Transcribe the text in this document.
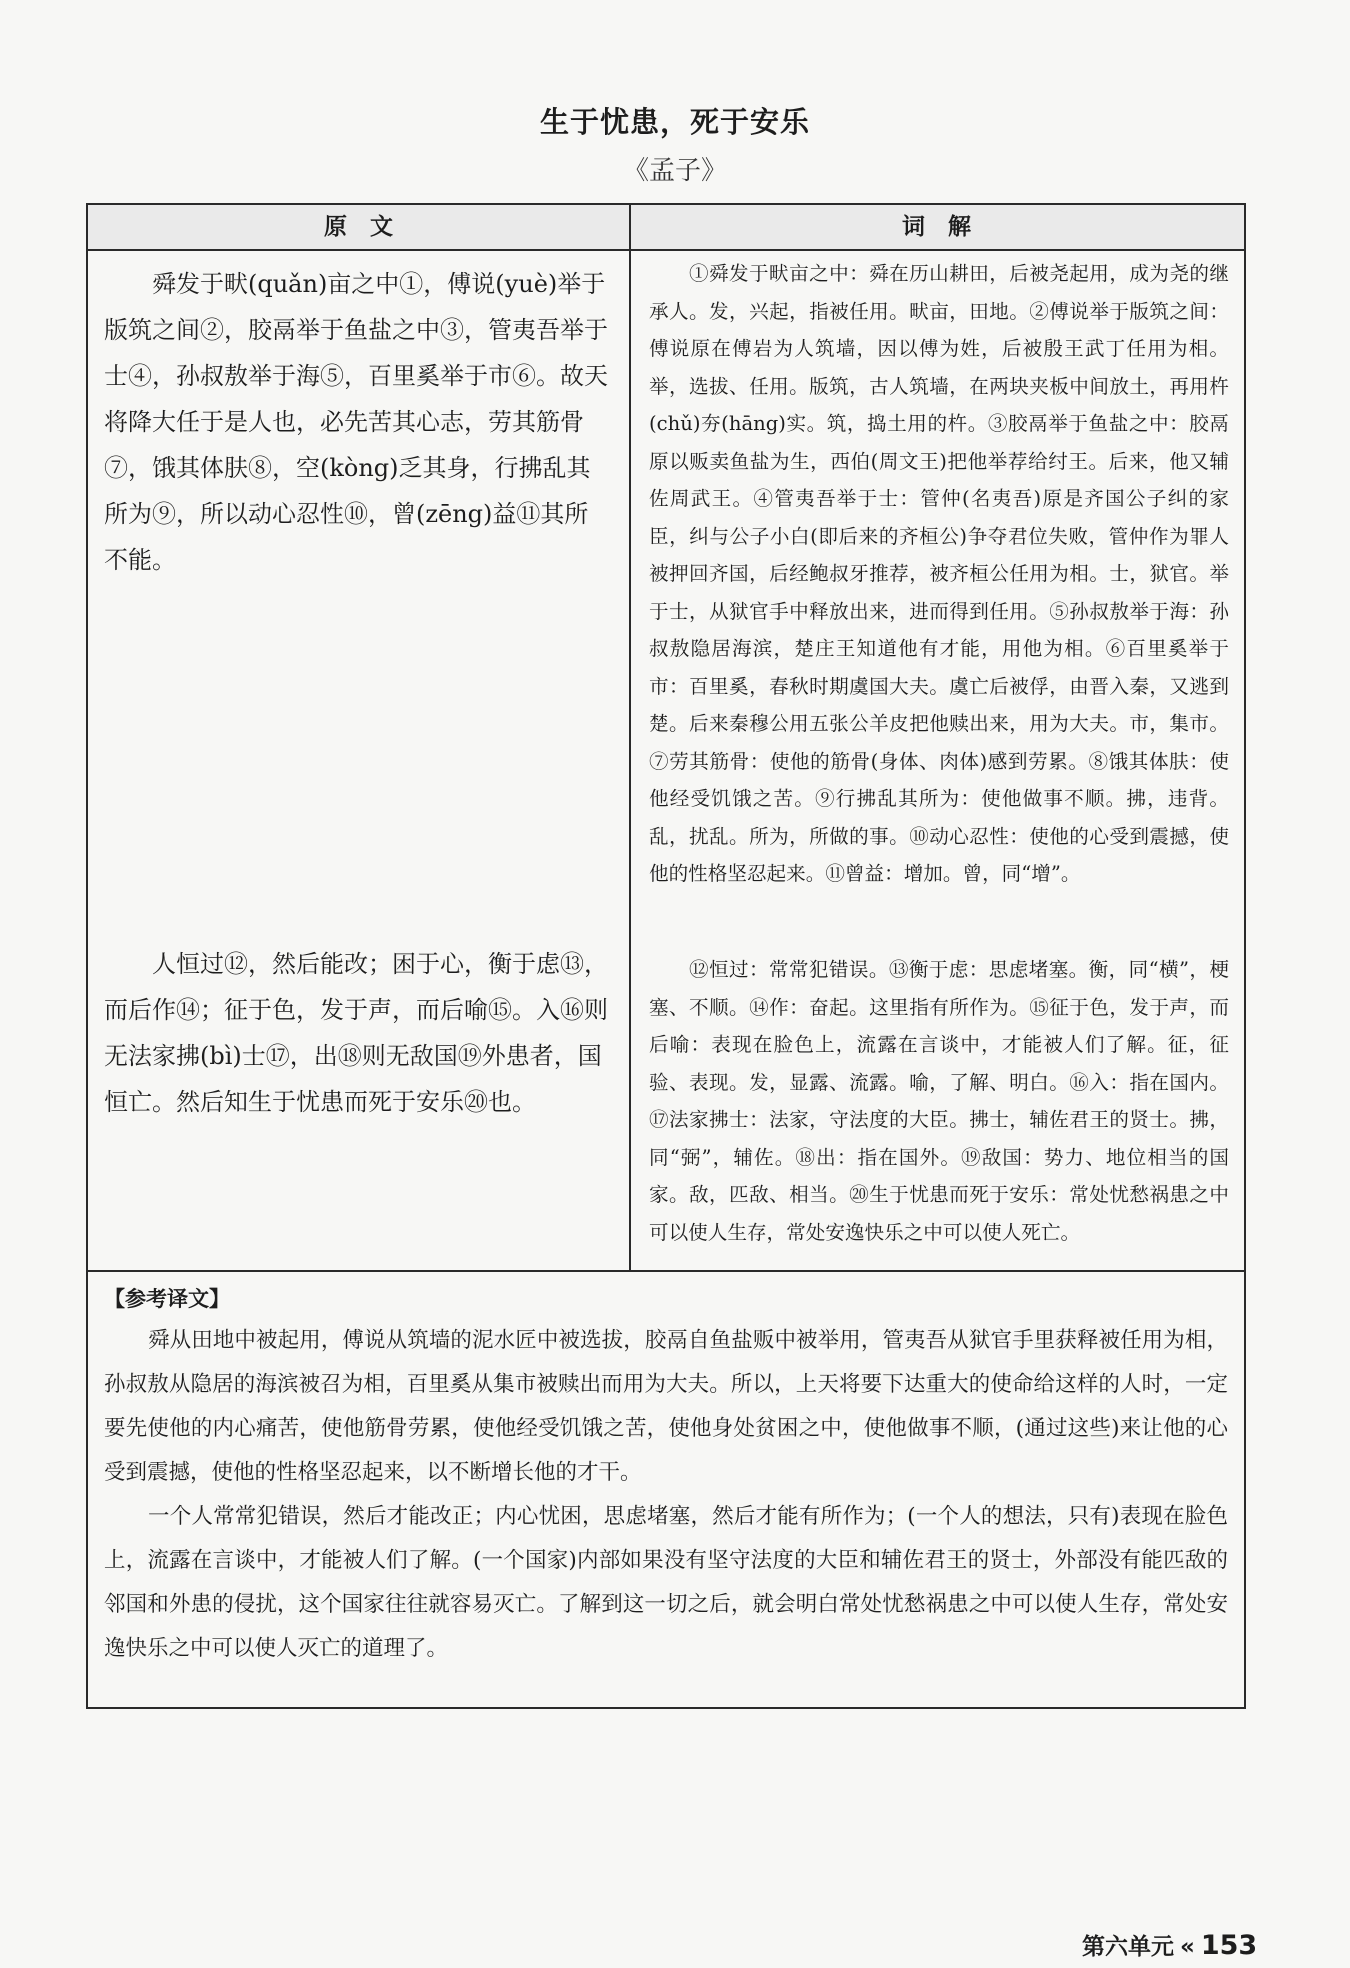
生于忧患，死于安乐
《孟子》
原　文	词　解

舜发于畎(quǎn)亩之中①，傅说(yuè)举于版筑之间②，胶鬲举于鱼盐之中③，管夷吾举于士④，孙叔敖举于海⑤，百里奚举于市⑥。故天将降大任于是人也，必先苦其心志，劳其筋骨⑦，饿其体肤⑧，空(kòng)乏其身，行拂乱其所为⑨，所以动心忍性⑩，曾(zēng)益⑪其所不能。

人恒过⑫，然后能改；困于心，衡于虑⑬，而后作⑭；征于色，发于声，而后喻⑮。入⑯则无法家拂(bì)士⑰，出⑱则无敌国⑲外患者，国恒亡。然后知生于忧患而死于安乐⑳也。

①舜发于畎亩之中：舜在历山耕田，后被尧起用，成为尧的继承人。发，兴起，指被任用。畎亩，田地。②傅说举于版筑之间：傅说原在傅岩为人筑墙，因以傅为姓，后被殷王武丁任用为相。举，选拔、任用。版筑，古人筑墙，在两块夹板中间放土，再用杵(chǔ)夯(hāng)实。筑，捣土用的杵。③胶鬲举于鱼盐之中：胶鬲原以贩卖鱼盐为生，西伯(周文王)把他举荐给纣王。后来，他又辅佐周武王。④管夷吾举于士：管仲(名夷吾)原是齐国公子纠的家臣，纠与公子小白(即后来的齐桓公)争夺君位失败，管仲作为罪人被押回齐国，后经鲍叔牙推荐，被齐桓公任用为相。士，狱官。举于士，从狱官手中释放出来，进而得到任用。⑤孙叔敖举于海：孙叔敖隐居海滨，楚庄王知道他有才能，用他为相。⑥百里奚举于市：百里奚，春秋时期虞国大夫。虞亡后被俘，由晋入秦，又逃到楚。后来秦穆公用五张公羊皮把他赎出来，用为大夫。市，集市。⑦劳其筋骨：使他的筋骨(身体、肉体)感到劳累。⑧饿其体肤：使他经受饥饿之苦。⑨行拂乱其所为：使他做事不顺。拂，违背。乱，扰乱。所为，所做的事。⑩动心忍性：使他的心受到震撼，使他的性格坚忍起来。⑪曾益：增加。曾，同“增”。

⑫恒过：常常犯错误。⑬衡于虑：思虑堵塞。衡，同“横”，梗塞、不顺。⑭作：奋起。这里指有所作为。⑮征于色，发于声，而后喻：表现在脸色上，流露在言谈中，才能被人们了解。征，征验、表现。发，显露、流露。喻，了解、明白。⑯入：指在国内。⑰法家拂士：法家，守法度的大臣。拂士，辅佐君王的贤士。拂，同“弼”，辅佐。⑱出：指在国外。⑲敌国：势力、地位相当的国家。敌，匹敌、相当。⑳生于忧患而死于安乐：常处忧愁祸患之中可以使人生存，常处安逸快乐之中可以使人死亡。

【参考译文】

舜从田地中被起用，傅说从筑墙的泥水匠中被选拔，胶鬲自鱼盐贩中被举用，管夷吾从狱官手里获释被任用为相，孙叔敖从隐居的海滨被召为相，百里奚从集市被赎出而用为大夫。所以，上天将要下达重大的使命给这样的人时，一定要先使他的内心痛苦，使他筋骨劳累，使他经受饥饿之苦，使他身处贫困之中，使他做事不顺，(通过这些)来让他的心受到震撼，使他的性格坚忍起来，以不断增长他的才干。

一个人常常犯错误，然后才能改正；内心忧困，思虑堵塞，然后才能有所作为；(一个人的想法，只有)表现在脸色上，流露在言谈中，才能被人们了解。(一个国家)内部如果没有坚守法度的大臣和辅佐君王的贤士，外部没有能匹敌的邻国和外患的侵扰，这个国家往往就容易灭亡。了解到这一切之后，就会明白常处忧愁祸患之中可以使人生存，常处安逸快乐之中可以使人灭亡的道理了。

第六单元 « 153
